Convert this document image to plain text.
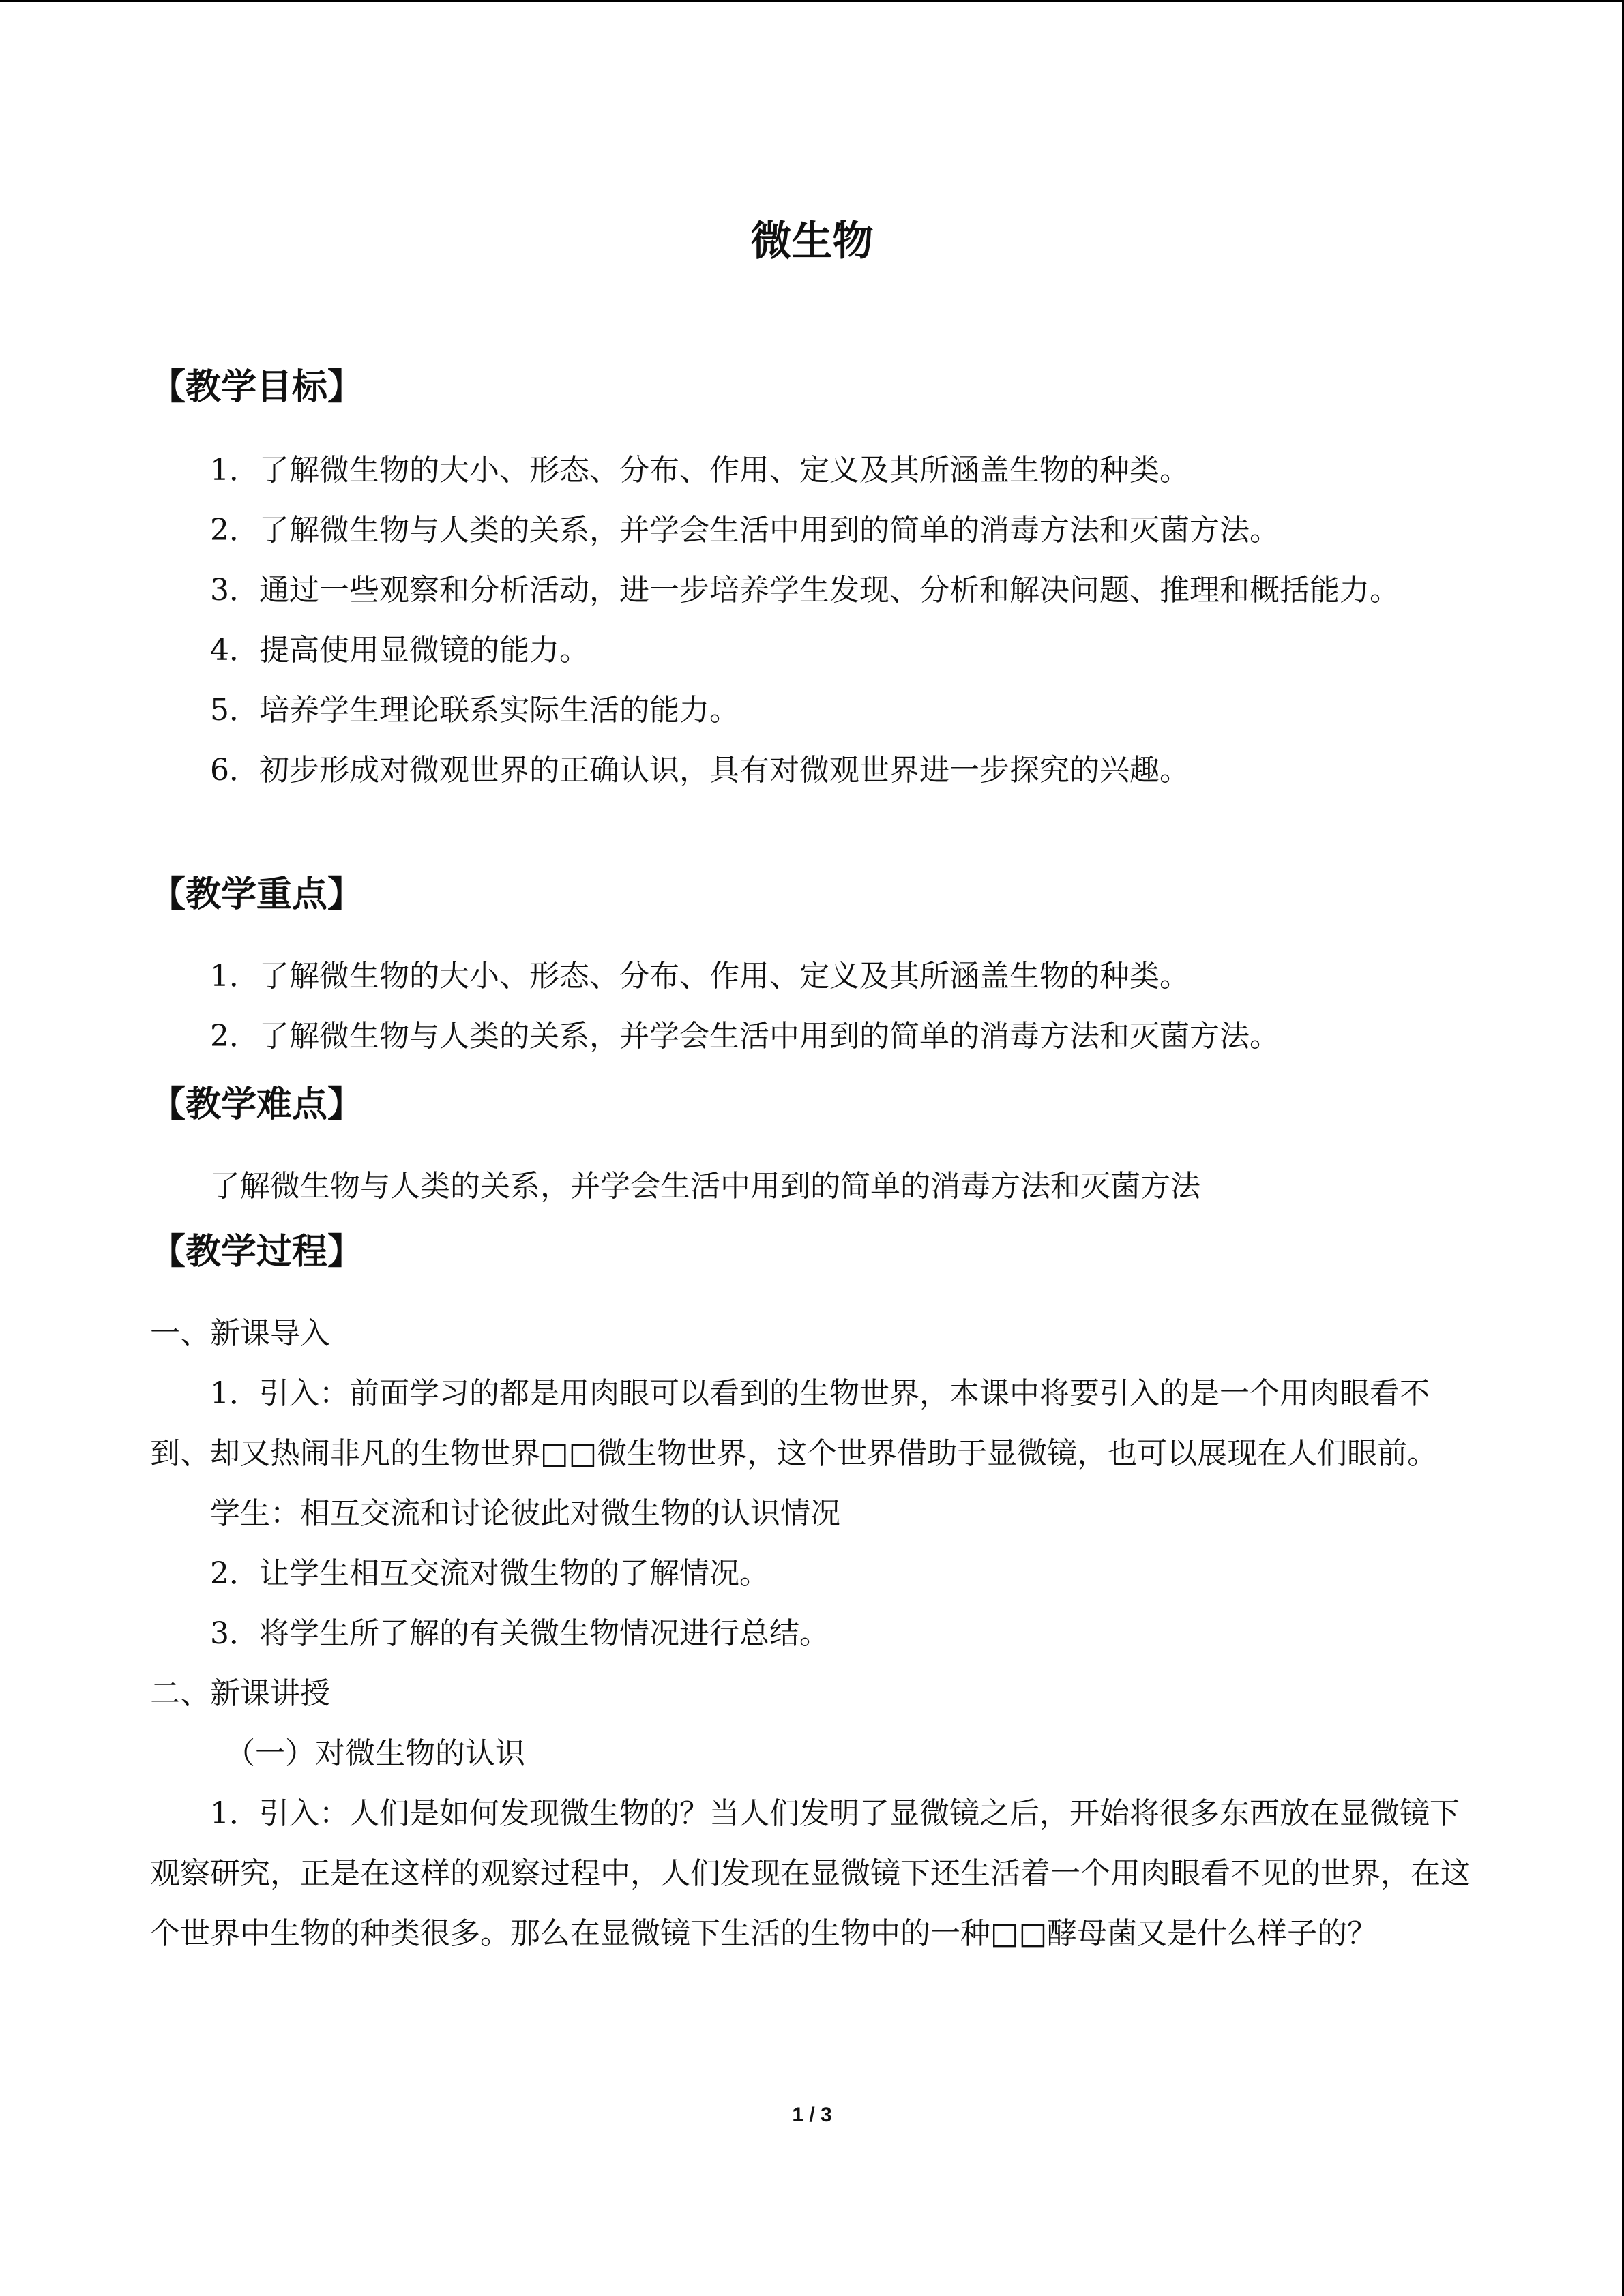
微生物

【教学目标】

1．了解微生物的大小、形态、分布、作用、定义及其所涵盖生物的种类。

2．了解微生物与人类的关系，并学会生活中用到的简单的消毒方法和灭菌方法。

3．通过一些观察和分析活动，进一步培养学生发现、分析和解决问题、推理和概括能力。

4．提高使用显微镜的能力。

5．培养学生理论联系实际生活的能力。

6．初步形成对微观世界的正确认识，具有对微观世界进一步探究的兴趣。

【教学重点】

1．了解微生物的大小、形态、分布、作用、定义及其所涵盖生物的种类。

2．了解微生物与人类的关系，并学会生活中用到的简单的消毒方法和灭菌方法。

【教学难点】

了解微生物与人类的关系，并学会生活中用到的简单的消毒方法和灭菌方法

【教学过程】

一、新课导入

1．引入：前面学习的都是用肉眼可以看到的生物世界，本课中将要引入的是一个用肉眼看不到、却又热闹非凡的生物世界□□微生物世界，这个世界借助于显微镜，也可以展现在人们眼前。

学生：相互交流和讨论彼此对微生物的认识情况

2．让学生相互交流对微生物的了解情况。

3．将学生所了解的有关微生物情况进行总结。

二、新课讲授

（一）对微生物的认识

1．引入：人们是如何发现微生物的？当人们发明了显微镜之后，开始将很多东西放在显微镜下观察研究，正是在这样的观察过程中，人们发现在显微镜下还生活着一个用肉眼看不见的世界，在这个世界中生物的种类很多。那么在显微镜下生活的生物中的一种□□酵母菌又是什么样子的？

1 / 3
